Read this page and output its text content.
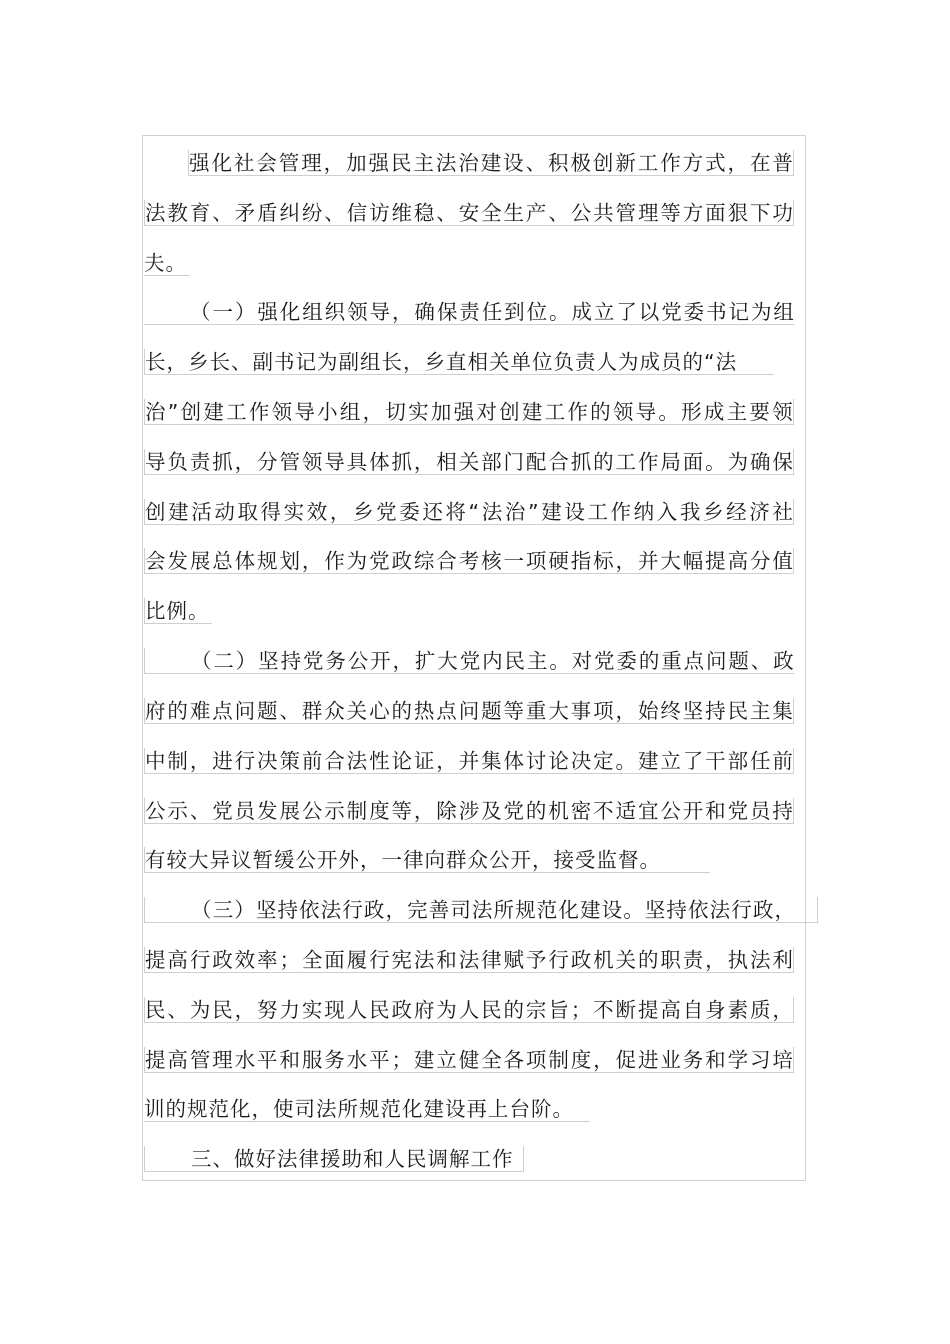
强 化 社 会 管 理 ， 加 强 民 主 法 治 建 设 、 积 极 创 新 工 作 方 式 ， 在 普
法 教 育 、 矛 盾 纠 纷 、 信 访 维 稳 、 安 全 生 产 、 公 共 管 理 等 方 面 狠 下 功
夫。
（ 一 ） 强 化 组 织 领 导 ， 确 保 责 任 到 位 。 成 立 了 以 党 委 书 记 为 组
长，乡长、副书记为副组长，乡直相关单位负责人为成员的“法
治 ” 创 建 工 作 领 导 小 组 ， 切 实 加 强 对 创 建 工 作 的 领 导 。 形 成 主 要 领
导 负 责 抓 ， 分 管 领 导 具 体 抓 ， 相 关 部 门 配 合 抓 的 工 作 局 面 。 为 确 保
创 建 活 动 取 得 实 效 ， 乡 党 委 还 将 “ 法 治 ” 建 设 工 作 纳 入 我 乡 经 济 社
会 发 展 总 体 规 划 ， 作 为 党 政 综 合 考 核 一 项 硬 指 标 ， 并 大 幅 提 高 分 值
比例。
（ 二 ） 坚 持 党 务 公 开 ， 扩 大 党 内 民 主 。 对 党 委 的 重 点 问 题 、 政
府 的 难 点 问 题 、 群 众 关 心 的 热 点 问 题 等 重 大 事 项 ， 始 终 坚 持 民 主 集
中 制 ， 进 行 决 策 前 合 法 性 论 证 ， 并 集 体 讨 论 决 定 。 建 立 了 干 部 任 前
公 示 、 党 员 发 展 公 示 制 度 等 ， 除 涉 及 党 的 机 密 不 适 宜 公 开 和 党 员 持
有较大异议暂缓公开外，一律向群众公开，接受监督。
（ 三 ） 坚 持 依 法 行 政 ， 完 善 司 法 所 规 范 化 建 设 。 坚 持 依 法 行 政 ，
提 高 行 政 效 率 ； 全 面 履 行 宪 法 和 法 律 赋 予 行 政 机 关 的 职 责 ， 执 法 利
民 、 为 民 ， 努 力 实 现 人 民 政 府 为 人 民 的 宗 旨 ； 不 断 提 高 自 身 素 质 ，
提 高 管 理 水 平 和 服 务 水 平 ； 建 立 健 全 各 项 制 度 ， 促 进 业 务 和 学 习 培
训的规范化，使司法所规范化建设再上台阶。
三、做好法律援助和人民调解工作
